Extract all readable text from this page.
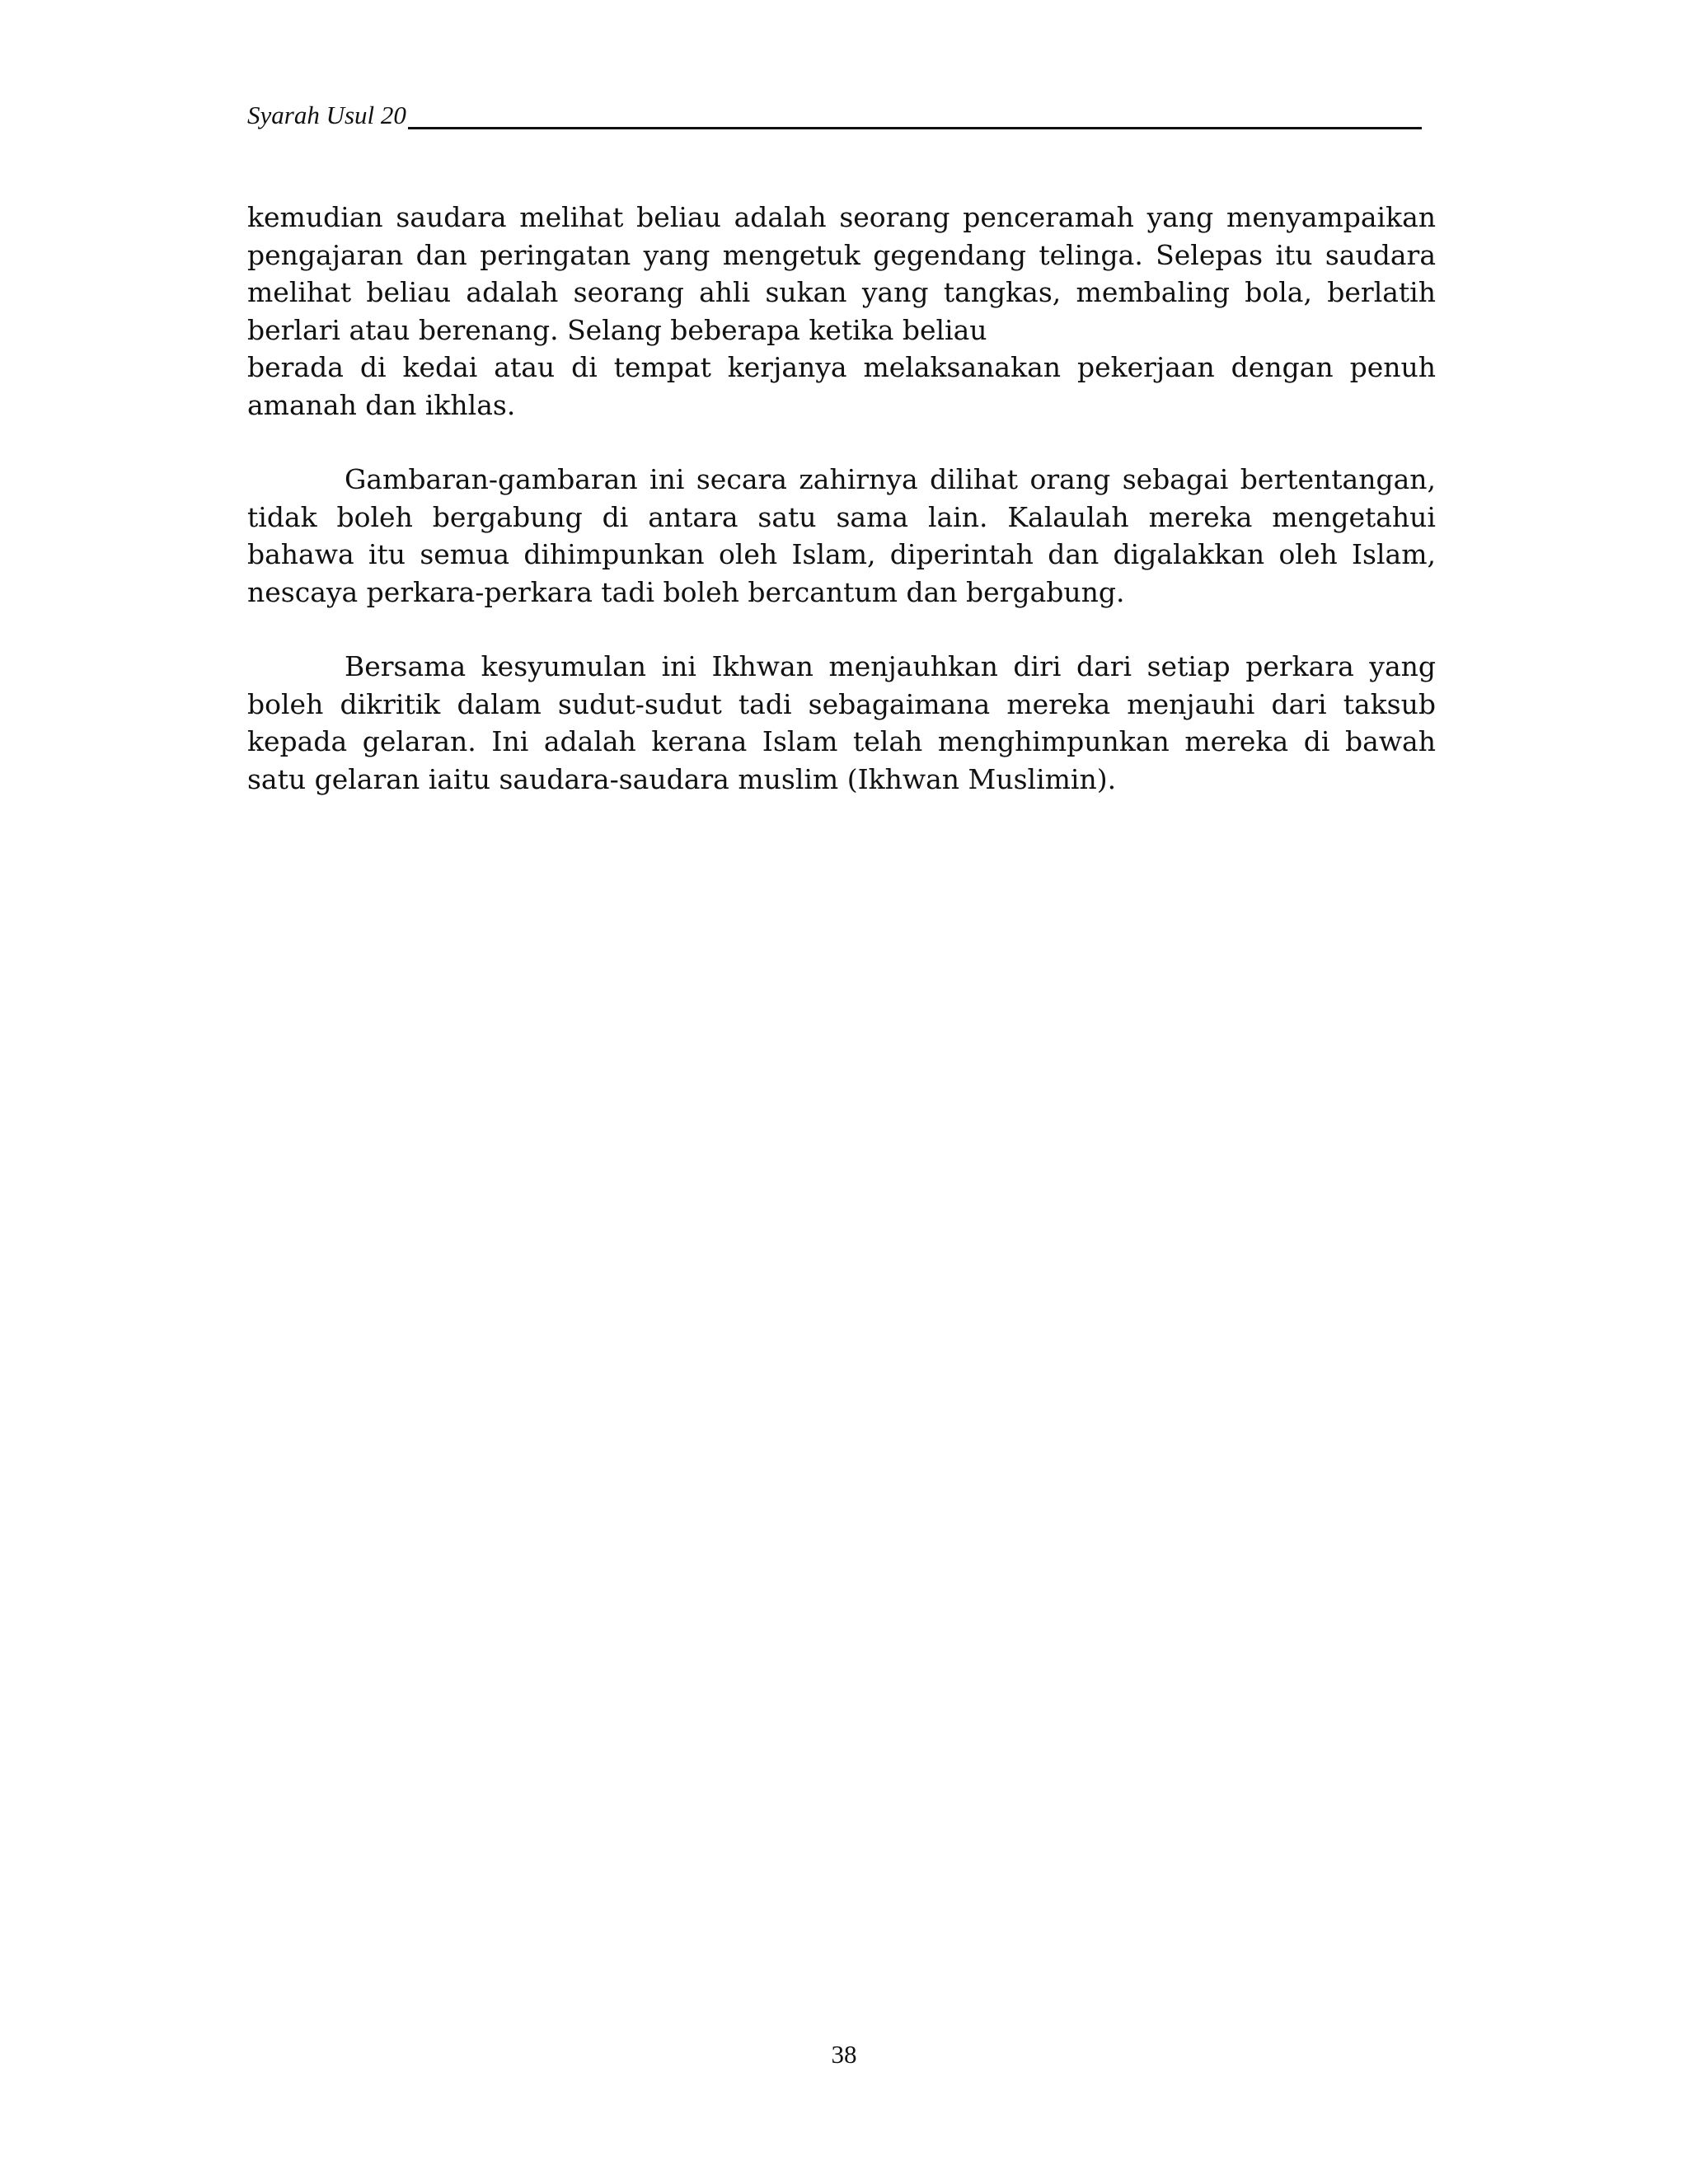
Syarah Usul 20

kemudian saudara melihat beliau adalah seorang penceramah yang menyampaikan pengajaran dan peringatan yang mengetuk gegendang telinga. Selepas itu saudara melihat beliau adalah seorang ahli sukan yang tangkas, membaling bola, berlatih berlari atau berenang. Selang beberapa ketika beliau

berada di kedai atau di tempat kerjanya melaksanakan pekerjaan dengan penuh amanah dan ikhlas.

Gambaran-gambaran ini secara zahirnya dilihat orang sebagai bertentangan, tidak boleh bergabung di antara satu sama lain. Kalaulah mereka mengetahui bahawa itu semua dihimpunkan oleh Islam, diperintah dan digalakkan oleh Islam, nescaya perkara-perkara tadi boleh bercantum dan bergabung.

Bersama kesyumulan ini Ikhwan menjauhkan diri dari setiap perkara yang boleh dikritik dalam sudut-sudut tadi sebagaimana mereka menjauhi dari taksub kepada gelaran. Ini adalah kerana Islam telah menghimpunkan mereka di bawah satu gelaran iaitu saudara-saudara muslim (Ikhwan Muslimin).

38
